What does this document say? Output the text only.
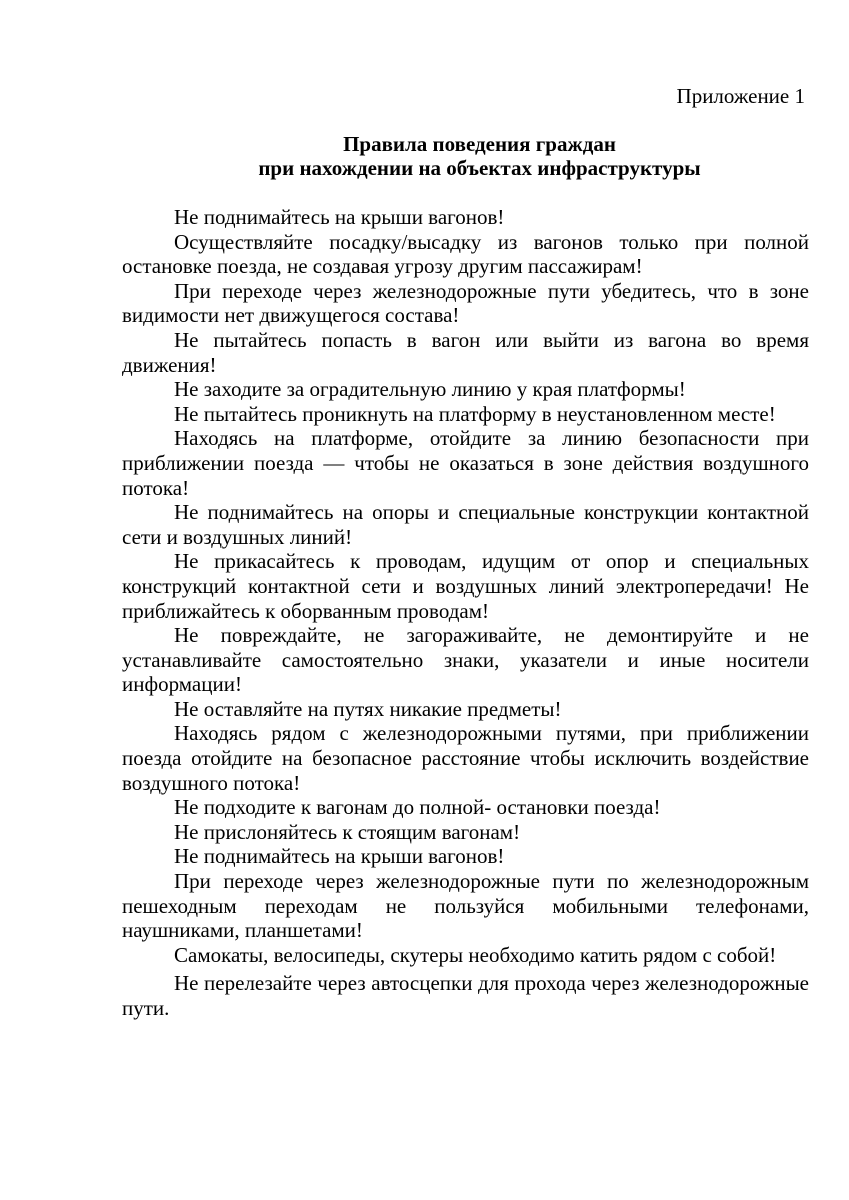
Приложение 1
Правила поведения граждан
при нахождении на объектах инфраструктуры
Не поднимайтесь на крыши вагонов!
Осуществляйте посадку/высадку из вагонов только при полной остановке поезда, не создавая угрозу другим пассажирам!
При переходе через железнодорожные пути убедитесь, что в зоне видимости нет движущегося состава!
Не пытайтесь попасть в вагон или выйти из вагона во время движения!
Не заходите за оградительную линию у края платформы!
Не пытайтесь проникнуть на платформу в неустановленном месте!
Находясь на платформе, отойдите за линию безопасности при приближении поезда — чтобы не оказаться в зоне действия воздушного потока!
Не поднимайтесь на опоры и специальные конструкции контактной сети и воздушных линий!
Не прикасайтесь к проводам, идущим от опор и специальных конструкций контактной сети и воздушных линий электропередачи! Не приближайтесь к оборванным проводам!
Не повреждайте, не загораживайте, не демонтируйте и не устанавливайте самостоятельно знаки, указатели и иные носители информации!
Не оставляйте на путях никакие предметы!
Находясь рядом с железнодорожными путями, при приближении поезда отойдите на безопасное расстояние чтобы исключить воздействие воздушного потока!
Не подходите к вагонам до полной- остановки поезда!
Не прислоняйтесь к стоящим вагонам!
Не поднимайтесь на крыши вагонов!
При переходе через железнодорожные пути по железнодорожным пешеходным переходам не пользуйся мобильными телефонами, наушниками, планшетами!
Самокаты, велосипеды, скутеры необходимо катить рядом с собой!
Не перелезайте через автосцепки для прохода через железнодорожные пути.
